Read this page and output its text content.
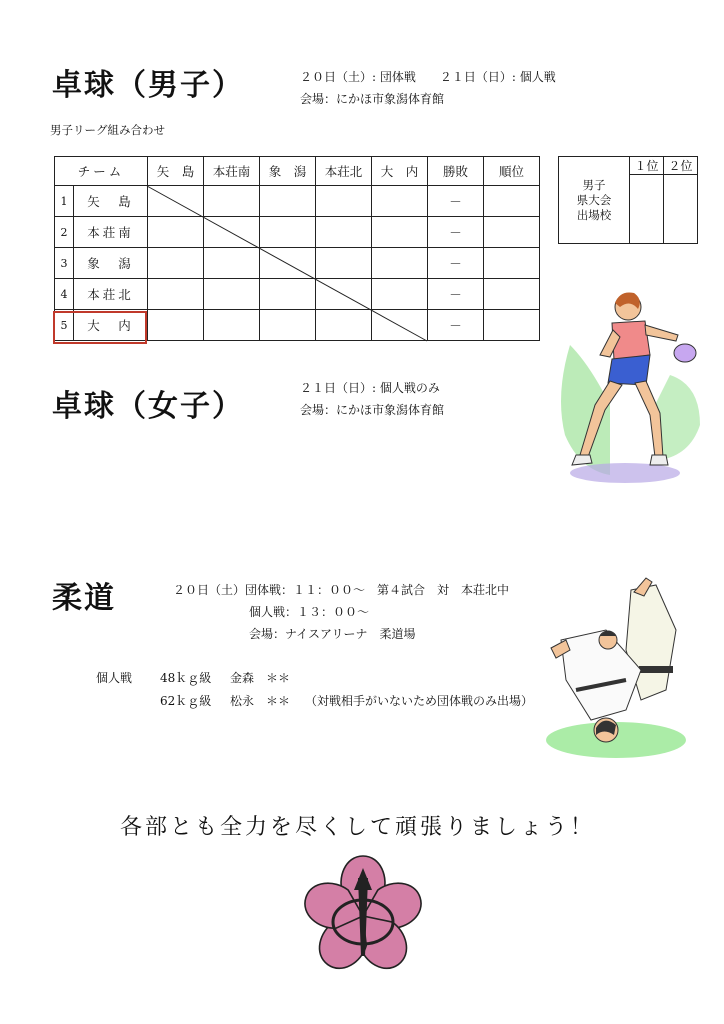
卓球（男子）	２０日（土）: 団体戦　　２１日（日）: 個人戦
会場：にかほ市象潟体育館
男子リーグ組み合わせ
チーム		矢　島	本荘南	象　潟	本荘北	大　内	勝敗	順位
1	矢　島						－	
2	本荘南						－	
3	象　潟						－	
4	本荘北						－	
5	大　内						－	
男子
県大会
出場校	１位	２位

卓球（女子）
２１日（日）: 個人戦のみ
会場：にかほ市象潟体育館
柔道	２０日（土）団体戦：１１：００～　第４試合　対　本荘北中
個人戦：１３：００～
会場：ナイスアリーナ　柔道場
個人戦 48ｋｇ級 金森　＊＊
62ｋｇ級 松永　＊＊ （対戦相手がいないため団体戦のみ出場）
各部とも全力を尽くして頑張りましょう！
